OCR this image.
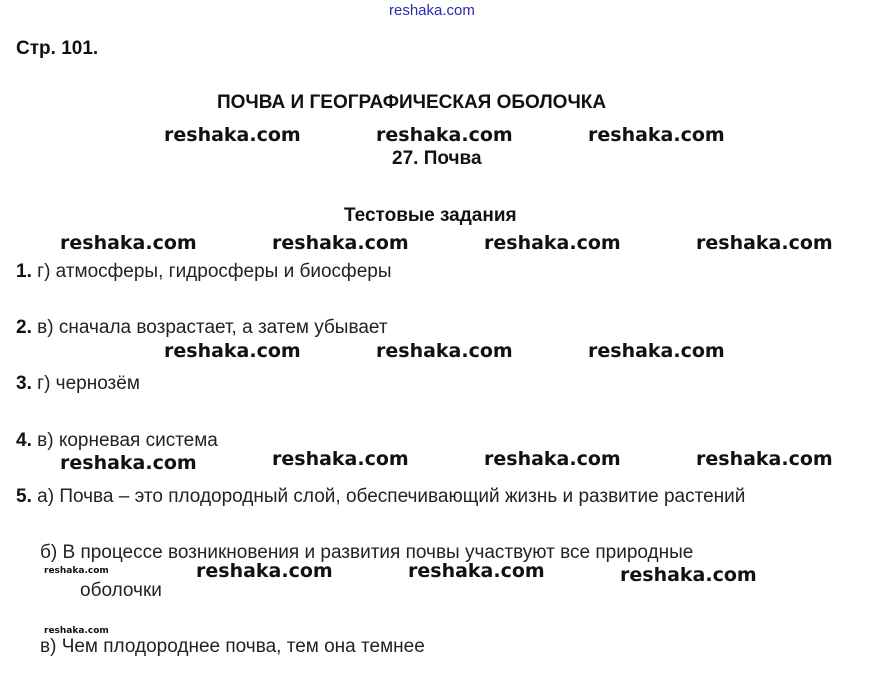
reshaka.com
Стр. 101.
ПОЧВА И ГЕОГРАФИЧЕСКАЯ ОБОЛОЧКА
reshaka.com	reshaka.com	reshaka.com
27. Почва
Тестовые задания
reshaka.com	reshaka.com	reshaka.com	reshaka.com
1. г) атмосферы, гидросферы и биосферы
2. в) сначала возрастает, а затем убывает
reshaka.com	reshaka.com	reshaka.com
3. г) чернозём
4. в) корневая система
reshaka.com	reshaka.com	reshaka.com	reshaka.com
5. а) Почва – это плодородный слой, обеспечивающий жизнь и развитие растений
б) В процессе возникновения и развития почвы участвуют все природные
reshaka.com	reshaka.com	reshaka.com	reshaka.com
оболочки
reshaka.com
в) Чем плодороднее почва, тем она темнее
